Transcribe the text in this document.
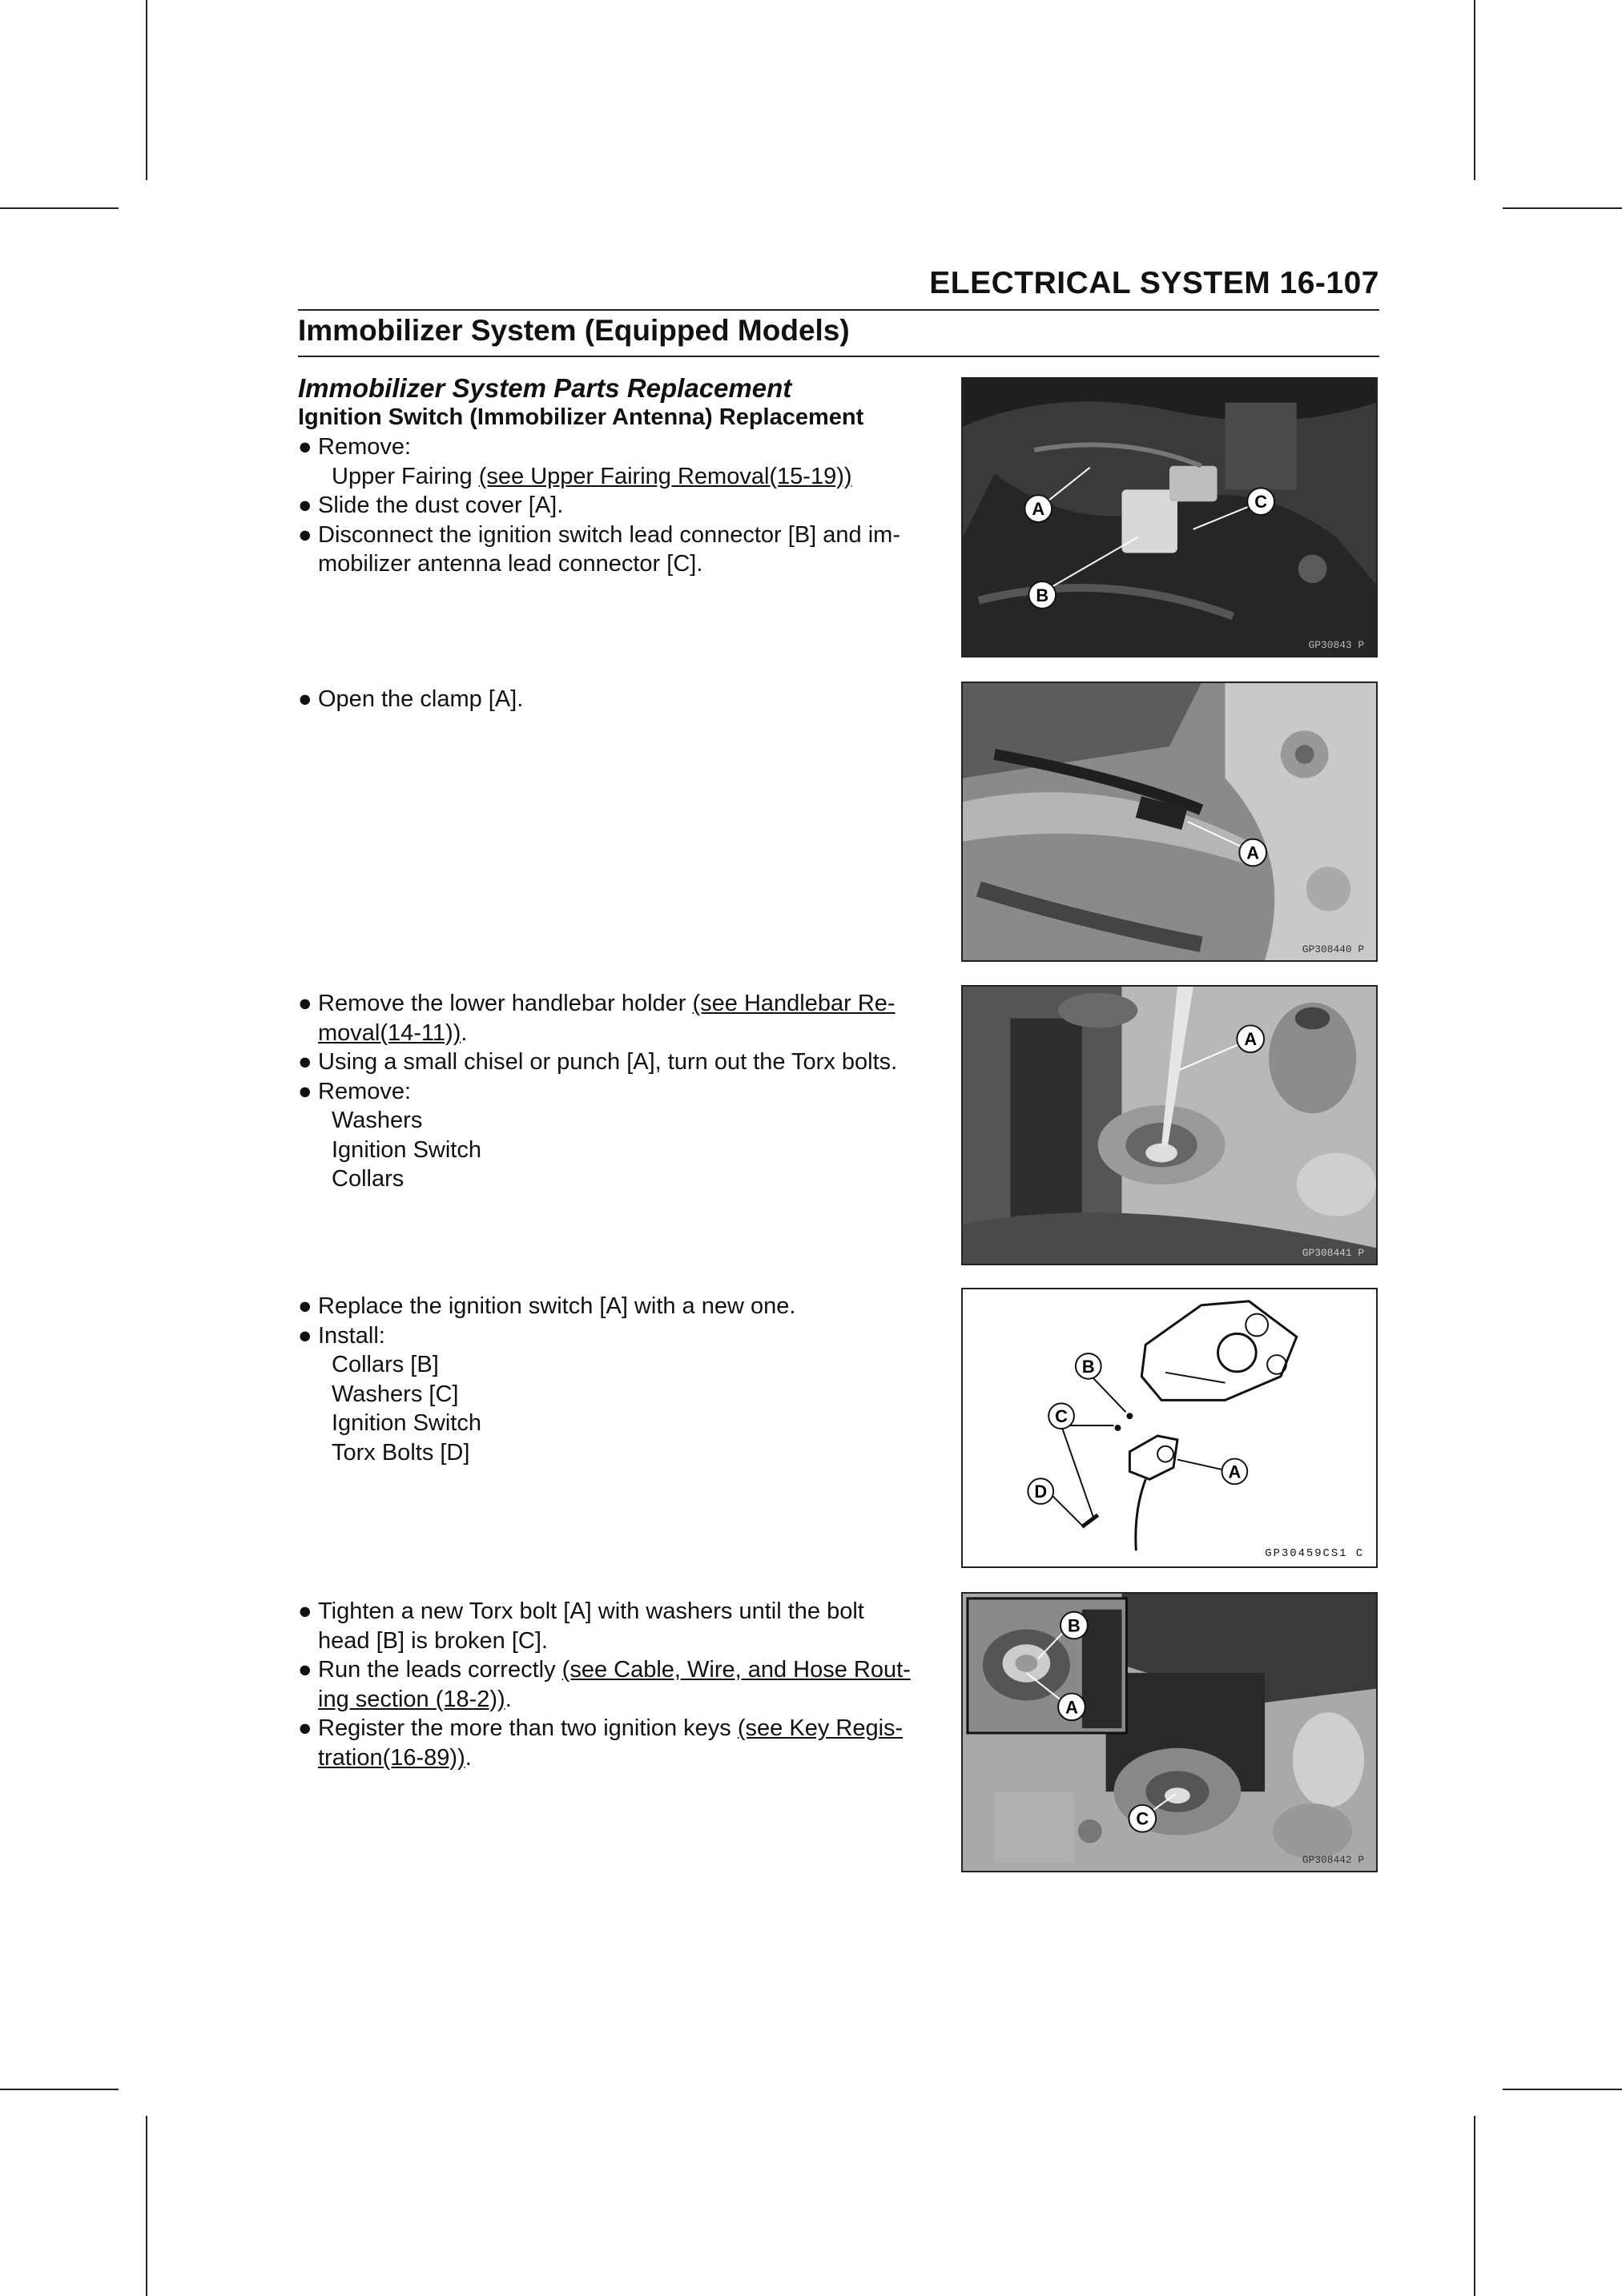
ELECTRICAL SYSTEM 16-107
Immobilizer System (Equipped Models)
Immobilizer System Parts Replacement
Ignition Switch (Immobilizer Antenna) Replacement
● Remove:
Upper Fairing (see Upper Fairing Removal(15-19))
● Slide the dust cover [A].
● Disconnect the ignition switch lead connector [B] and im-
mobilizer antenna lead connector [C].
A
B
C
GP30843 P
● Open the clamp [A].
A
GP308440 P
● Remove the lower handlebar holder (see Handlebar Re-
moval(14-11)).
● Using a small chisel or punch [A], turn out the Torx bolts.
● Remove:
Washers
Ignition Switch
Collars
A
GP308441 P
● Replace the ignition switch [A] with a new one.
● Install:
Collars [B]
Washers [C]
Ignition Switch
Torx Bolts [D]
B
C
D
A
GP30459CS1 C
● Tighten a new Torx bolt [A] with washers until the bolt
head [B] is broken [C].
● Run the leads correctly (see Cable, Wire, and Hose Rout-
ing section (18-2)).
● Register the more than two ignition keys (see Key Regis-
tration(16-89)).
B
A
C
GP308442 P
